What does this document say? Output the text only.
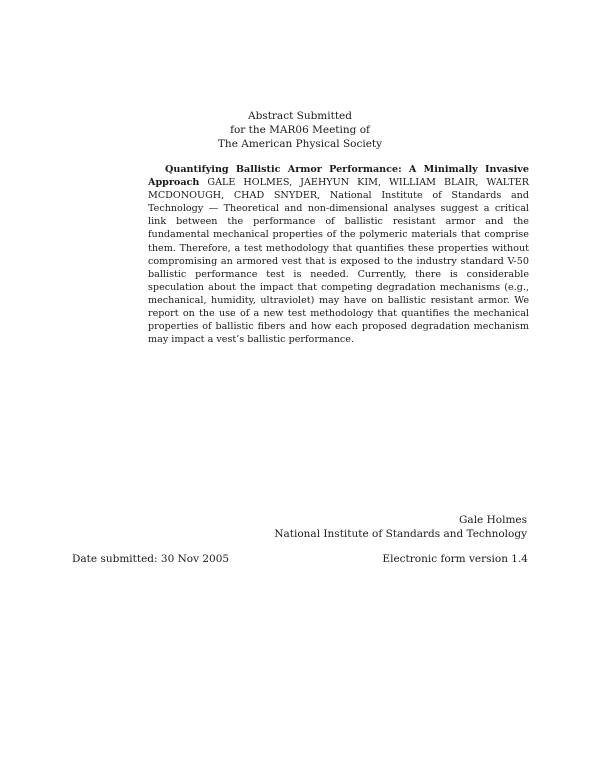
Abstract Submitted
for the MAR06 Meeting of
The American Physical Society
Quantifying Ballistic Armor Performance: A Minimally Invasive Approach GALE HOLMES, JAEHYUN KIM, WILLIAM BLAIR, WALTER MCDONOUGH, CHAD SNYDER, National Institute of Standards and Technology — Theoretical and non-dimensional analyses suggest a critical link between the performance of ballistic resistant armor and the fundamental mechanical properties of the polymeric materials that comprise them. Therefore, a test methodology that quantifies these properties without compromising an armored vest that is exposed to the industry standard V-50 ballistic performance test is needed. Currently, there is considerable speculation about the impact that competing degradation mechanisms (e.g., mechanical, humidity, ultraviolet) may have on ballistic resistant armor. We report on the use of a new test methodology that quantifies the mechanical properties of ballistic fibers and how each proposed degradation mechanism may impact a vest’s ballistic performance.
Gale Holmes
National Institute of Standards and Technology
Date submitted: 30 Nov 2005	Electronic form version 1.4
